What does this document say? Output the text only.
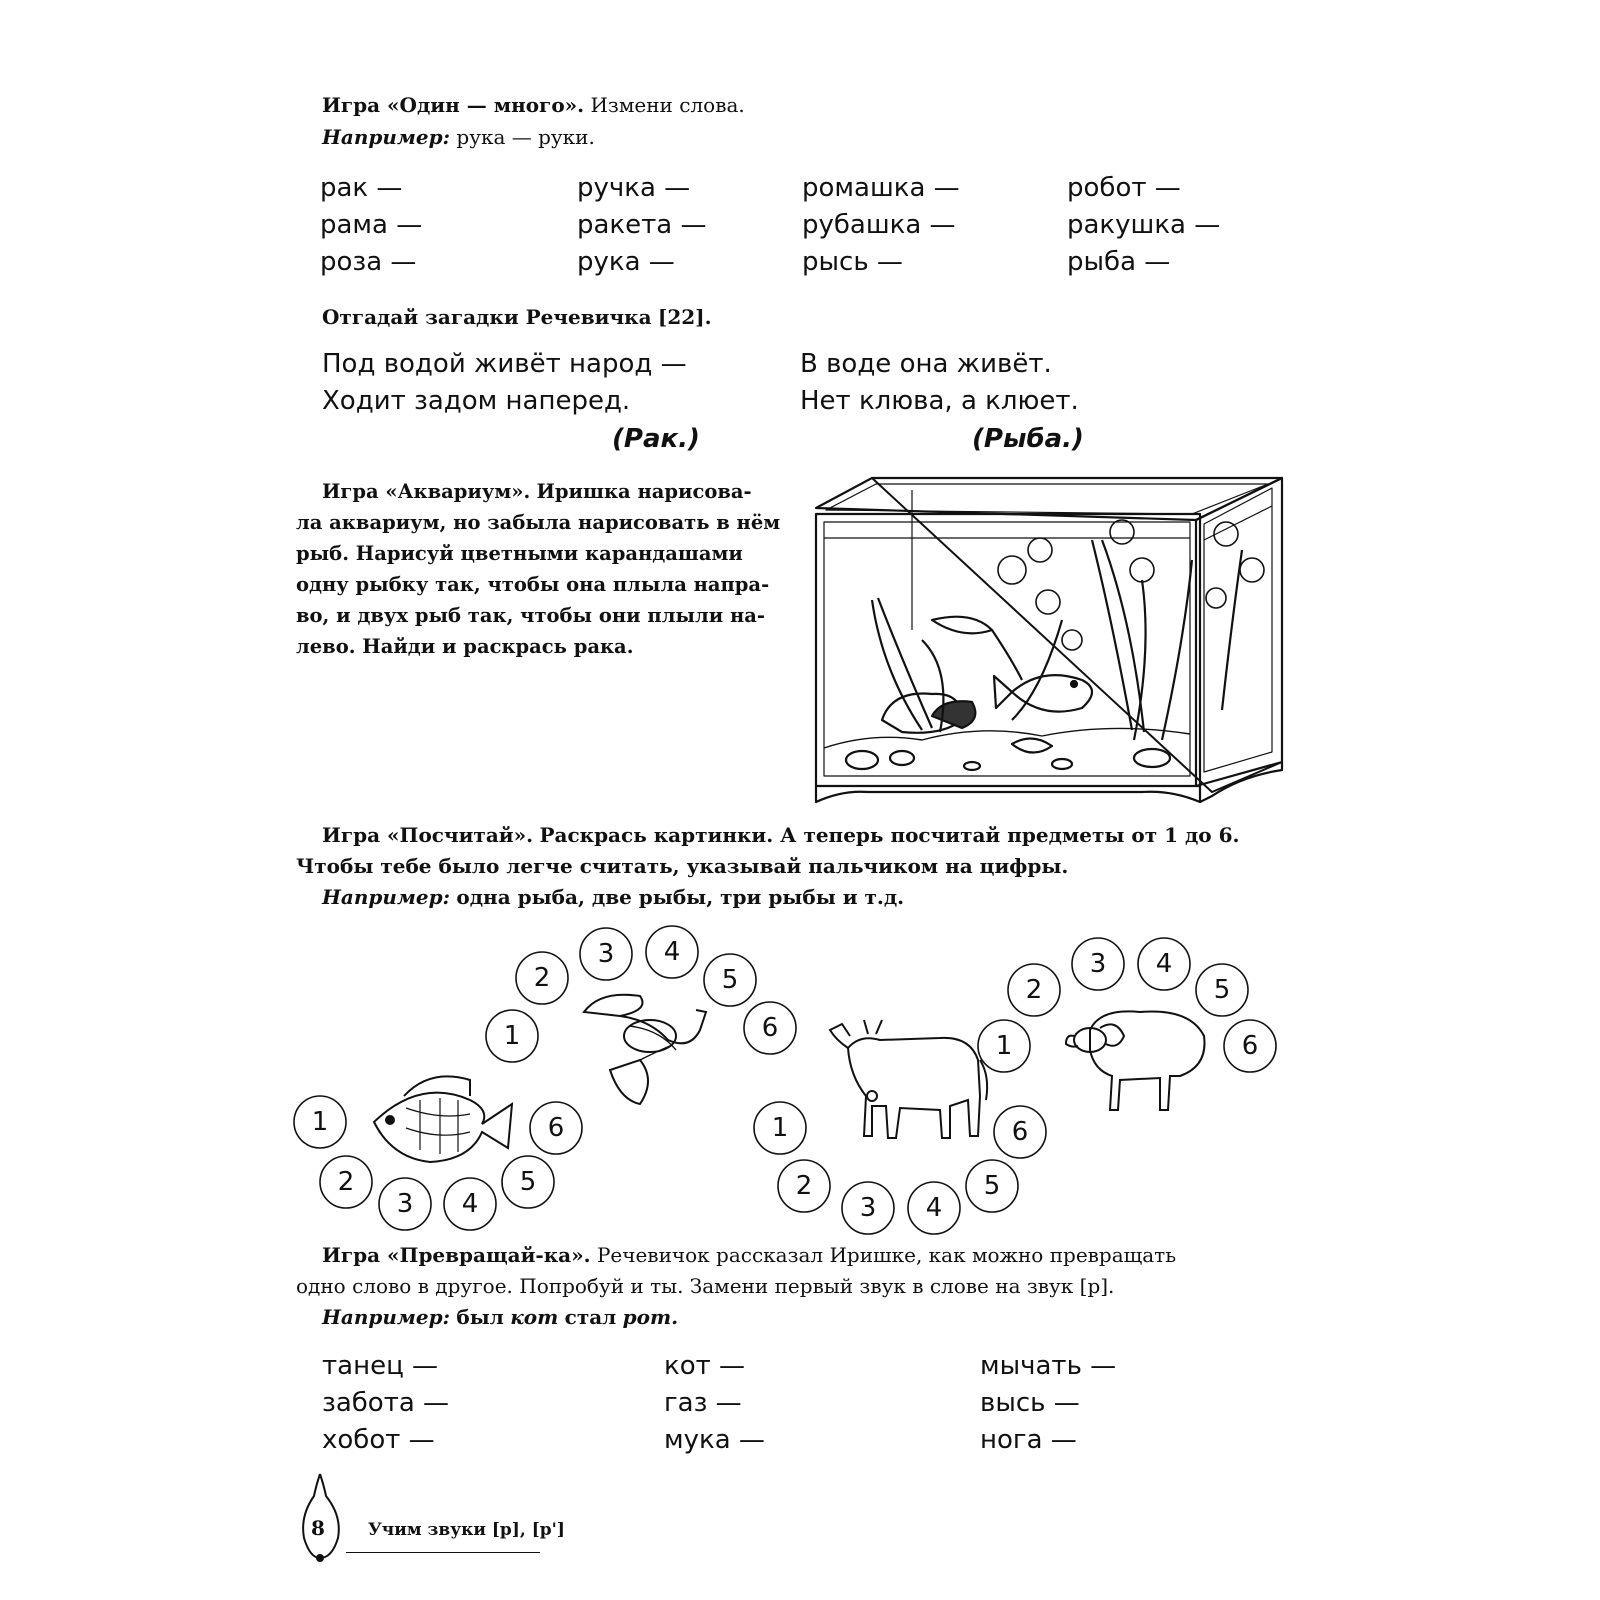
Игра «Один — много». Измени слова.
Например: рука — руки.
рак —
рама —
роза —
ручка —
ракета —
рука —
ромашка —
рубашка —
рысь —
робот —
ракушка —
рыба —
Отгадай загадки Речевичка [22].
Под водой живёт народ —
Ходит задом наперед.
(Рак.)
В воде она живёт.
Нет клюва, а клюет.
(Рыба.)
Игра «Аквариум». Иришка нарисова-
ла аквариум, но забыла нарисовать в нём
рыб. Нарисуй цветными карандашами
одну рыбку так, чтобы она плыла напра-
во, и двух рыб так, чтобы они плыли на-
лево. Найди и раскрась рака.
Игра «Посчитай». Раскрась картинки. А теперь посчитай предметы от 1 до 6.
Чтобы тебе было легче считать, указывай пальчиком на цифры.
Например: одна рыба, две рыбы, три рыбы и т.д.
1
2
3 4
5
6
1
2
3 4
5
6
1
2
3 4
5
6
1
2
3 4
5
6
Игра «Превращай-ка». Речевичок рассказал Иришке, как можно превращать
одно слово в другое. Попробуй и ты. Замени первый звук в слове на звук [р].
Например: был кот стал рот.
танец —
забота —
хобот —
кот —
газ —
мука —
мычать —
высь —
нога —
8	Учим звуки [р], [р']
